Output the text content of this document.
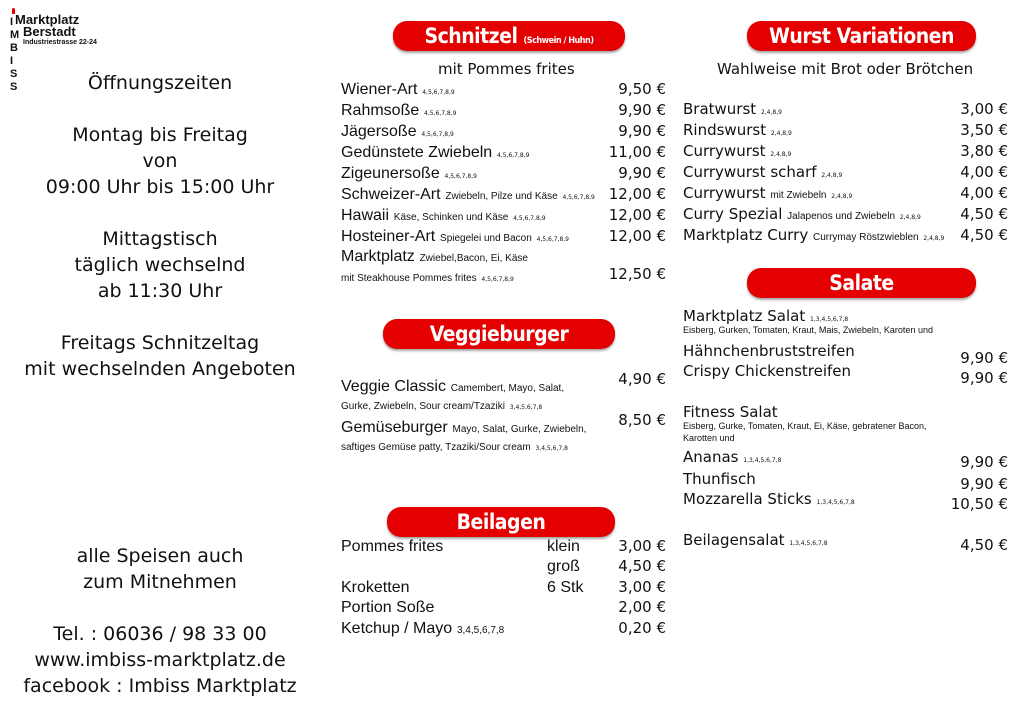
I
M
B
I
S
S
Marktplatz
Berstadt
Industriestrasse 22-24
Öffnungszeiten
Montag bis Freitag
von
09:00 Uhr bis 15:00 Uhr
Mittagstisch
täglich wechselnd
ab 11:30 Uhr
Freitags Schnitzeltag
mit wechselnden Angeboten
alle Speisen auch
zum Mitnehmen
Tel. : 06036 / 98 33 00
www.imbiss-marktplatz.de
facebook : Imbiss Marktplatz
Schnitzel (Schwein / Huhn)
mit Pommes frites
Wiener-Art 4,5,6,7,8,9	9,50 €
Rahmsoße 4,5,6,7,8,9	9,90 €
Jägersoße 4,5,6,7,8,9	9,90 €
Gedünstete Zwiebeln 4,5,6,7,8,9	11,00 €
Zigeunersoße 4,5,6,7,8,9	9,90 €
Schweizer-Art Zwiebeln, Pilze und Käse 4,5,6,7,8,9 12,00 €
Hawaii Käse, Schinken und Käse 4,5,6,7,8,9	12,00 €
Hosteiner-Art Spiegelei und Bacon 4,5,6,7,8,9	12,00 €
Marktplatz Zwiebel,Bacon, Ei, Käse
mit Steakhouse Pommes frites 4,5,6,7,8,9	12,50 €
Veggieburger
Veggie Classic Camembert, Mayo, Salat,
Gurke, Zwiebeln, Sour cream/Tzaziki 3,4,5,6,7,8
4,90 €
Gemüseburger Mayo, Salat, Gurke, Zwiebeln,
saftiges Gemüse patty, Tzaziki/Sour cream 3,4,5,6,7,8
8,50 €
Beilagen
Pommes frites	klein	3,00 €
groß	4,50 €
Kroketten	6 Stk 3,00 €
Portion Soße	2,00 €
Ketchup / Mayo 3,4,5,6,7,8	0,20 €
Wurst Variationen
Wahlweise mit Brot oder Brötchen
Bratwurst 2,4,8,9	3,00 €
Rindswurst 2,4,8,9	3,50 €
Currywurst 2,4,8,9	3,80 €
Currywurst scharf 2,4,8,9	4,00 €
Currywurst mit Zwiebeln 2,4,8,9	4,00 €
Curry Spezial Jalapenos und Zwiebeln 2,4,8,9	4,50 €
Marktplatz Curry Currymay Röstzwieblen 2,4,8,9 4,50 €
Salate
Marktplatz Salat 1,3,4,5,6,7,8
Eisberg, Gurken, Tomaten, Kraut, Mais, Zwiebeln, Karoten und
Hähnchenbruststreifen	9,90 €
Crispy Chickenstreifen	9,90 €
Fitness Salat
Eisberg, Gurke, Tomaten, Kraut, Ei, Käse, gebratener Bacon,
Karotten und
Ananas 1,3,4,5,6,7,8	9,90 €
Thunfisch	9,90 €
Mozzarella Sticks 1,3,4,5,6,7,8	10,50 €
Beilagensalat 1,3,4,5,6,7,8	4,50 €
